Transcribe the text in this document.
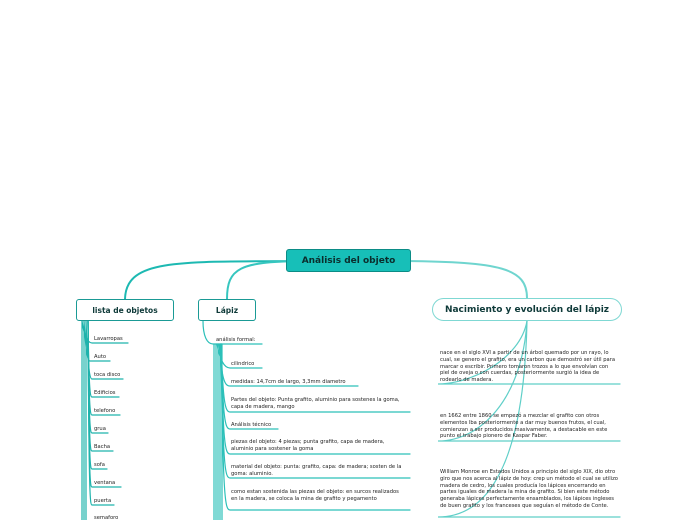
Análisis del objeto
lista de objetos	Lápiz	Nacimiento y evolución del lápiz
Lavarropas
Auto
toca disco
Edificios
telefono
grua
Bacha
sofa
ventana
puerta
semaforo
análisis formal:
cilindrico
medidas: 14,7cm de largo, 3,3mm diametro
Partes del objeto: Punta grafito, aluminio para sostenes la goma, capa de madera, mango
Análisis técnico
piezas del objeto: 4 piezas; punta grafito, capa de madera, aluminio para sostener la goma
material del objeto: punta: grafito, capa: de madera; sosten de la goma: aluminio.
como estan sostenida las piezas del objeto: en surcos realizados en la madera, se coloca la mina de grafito y pegamento
nace en el siglo XVI a partir de un árbol quemado por un rayo, lo cual, se genero el grafito, era un carbon que demostró ser útil para marcar o escribir. Primero tomaron trozos a lo que envolvían con piel de oveja o con cuerdas, posteriormente surgió la idea de rodearlo de madera.
en 1662 entre 1860 se empezó a mezclar el grafito con otros elementos lba posteriormente a dar muy buenos frutos, el cual, comienzan a ser producidos masivamente, a destacable en este punto el trabajo pionero de Kaspar Faber.
William Monroe en Estados Unidos a principio del siglo XIX, dio otro giro que nos acerca al lápiz de hoy: crep un método el cual se utilizo madera de cedro, los cuales producía los lápices encerrando en partes iguales de madera la mina de grafito. Si bien este método generaba lápices perfectamente ensamblados, los lápices ingleses de buen grafito y los franceses que seguían el método de Conte.
